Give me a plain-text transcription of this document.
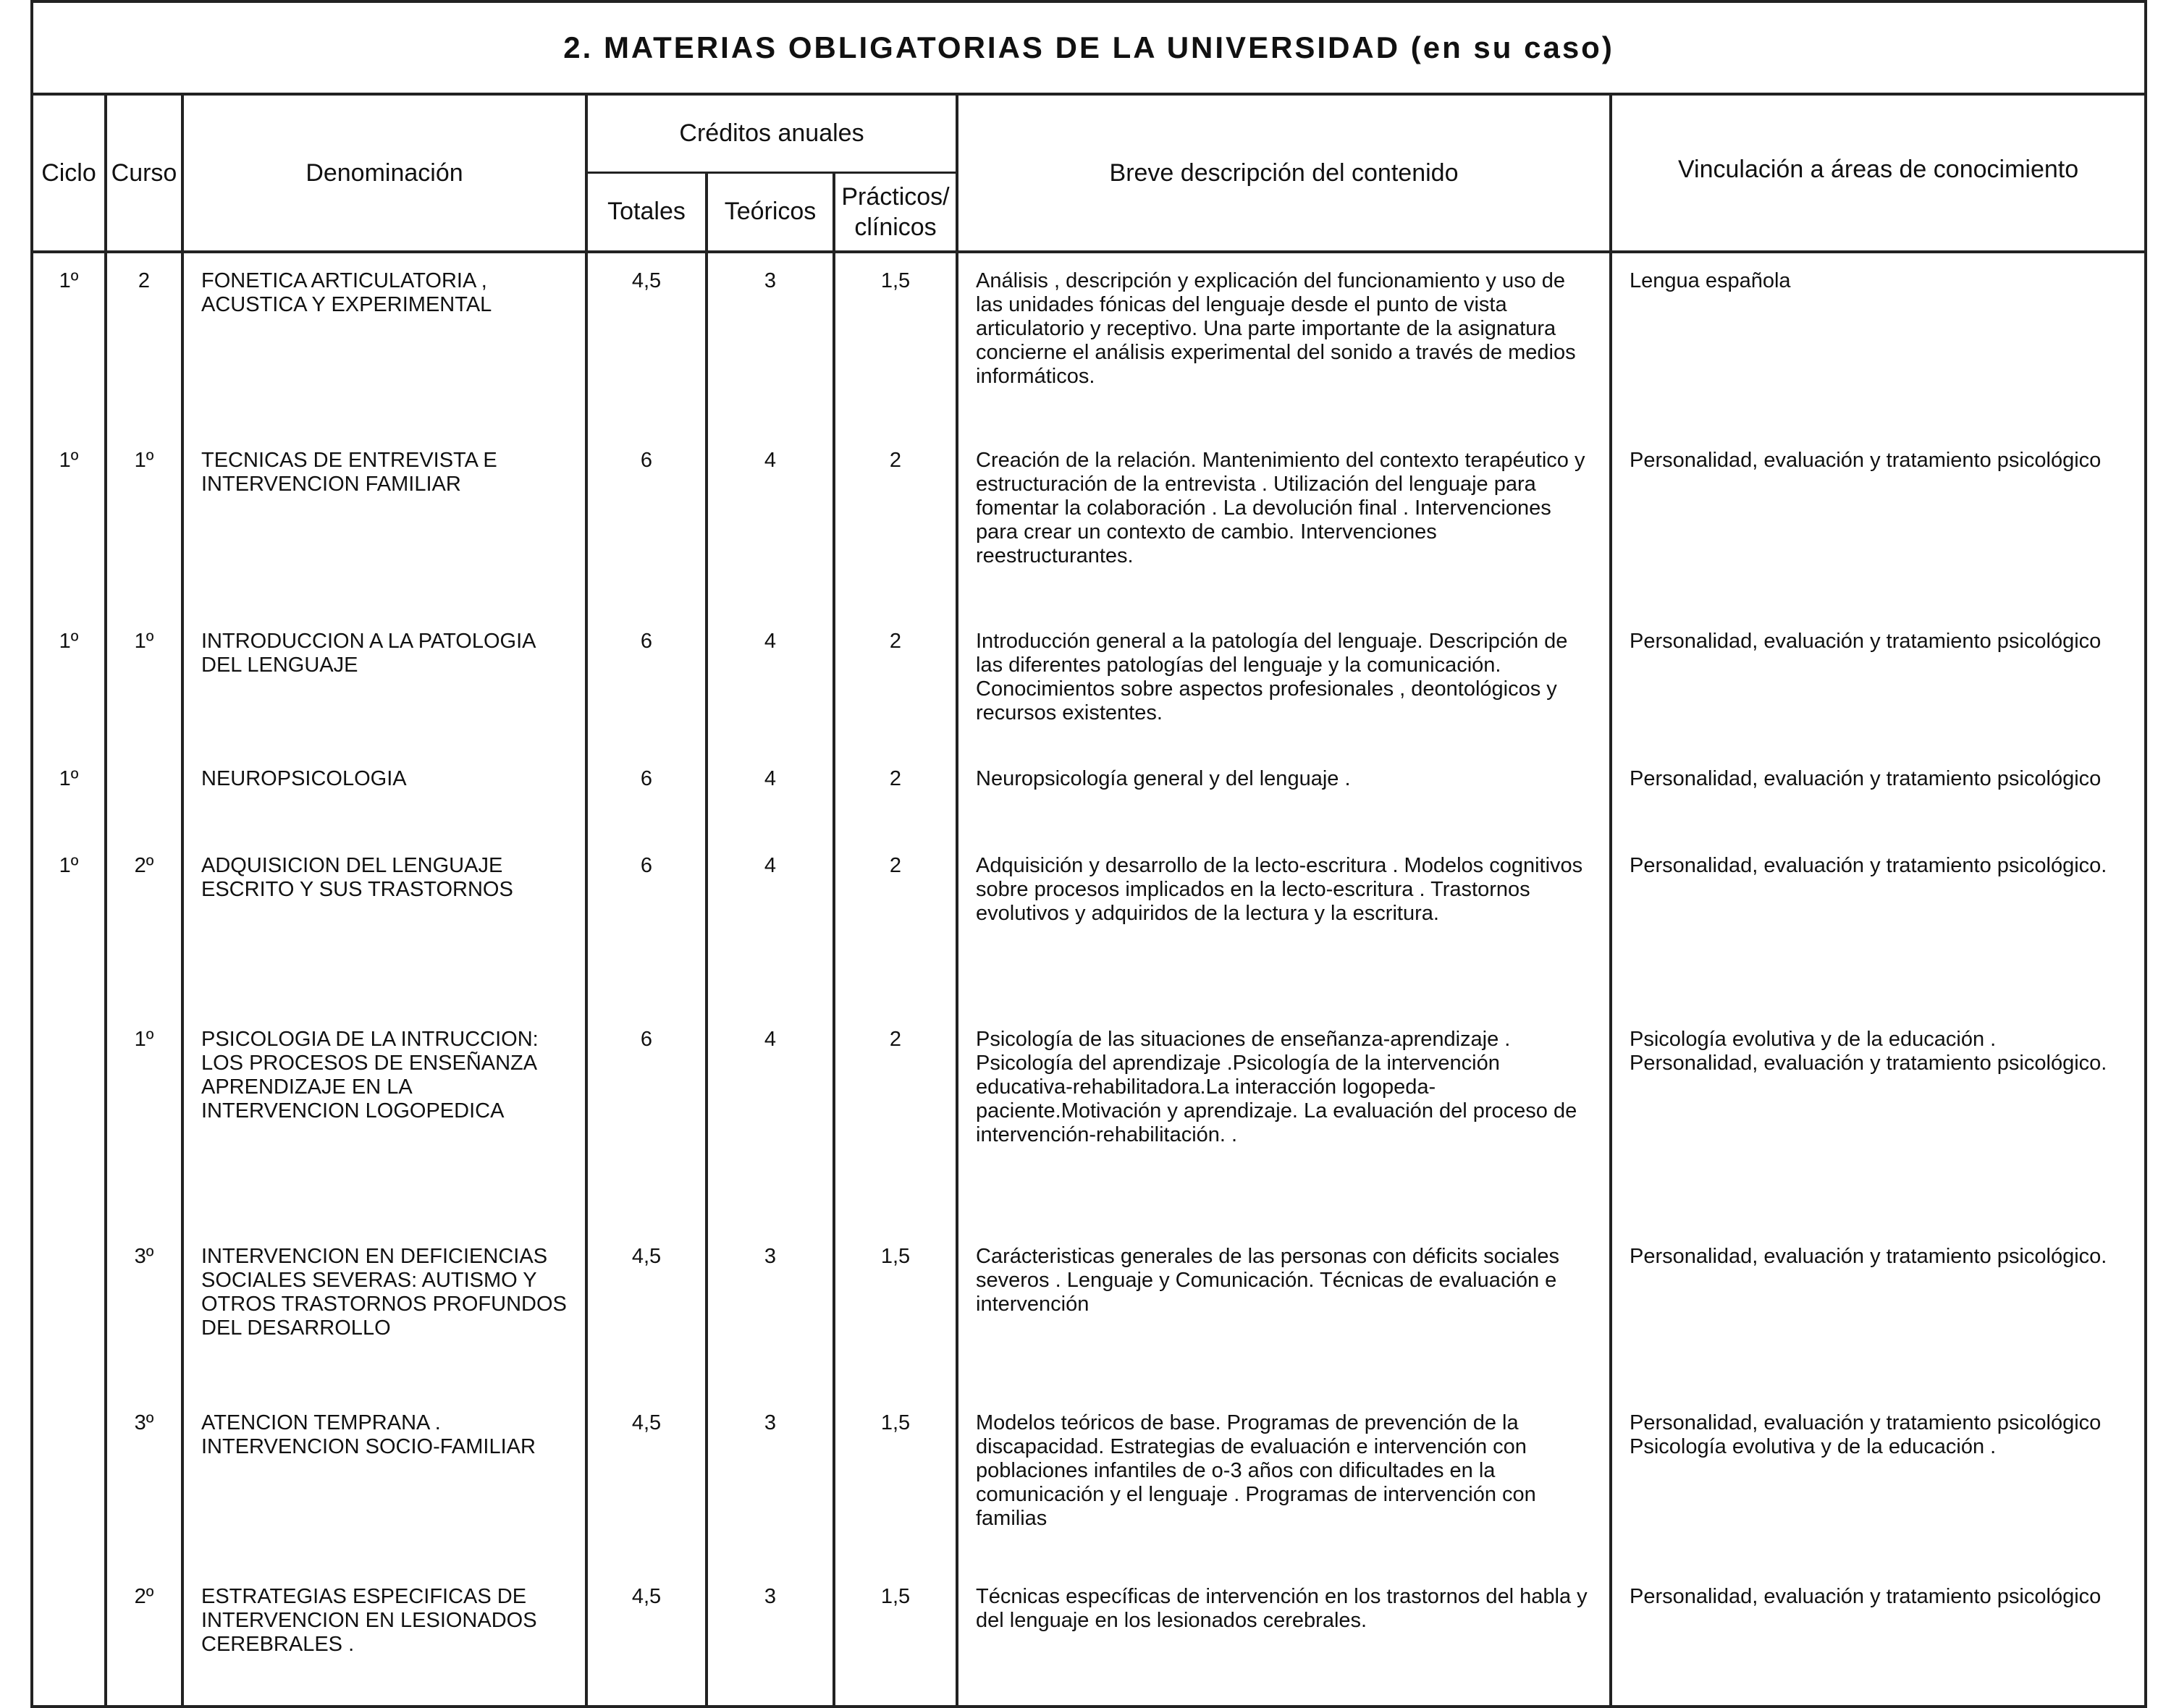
2. MATERIAS OBLIGATORIAS DE LA UNIVERSIDAD (en su caso)							
Ciclo	Curso	Denominación	Créditos anuales			Breve descripción del contenido	Vinculación a áreas de conocimiento
			Totales	Teóricos	Prácticos/ clínicos		
1º	2	FONETICA ARTICULATORIA , ACUSTICA Y EXPERIMENTAL	4,5	3	1,5	Análisis , descripción y explicación del funcionamiento y uso de las unidades fónicas del lenguaje desde el punto de vista articulatorio y receptivo. Una parte importante de la asignatura concierne el análisis experimental del sonido a través de medios informáticos.	Lengua española
1º	1º	TECNICAS DE ENTREVISTA E INTERVENCION FAMILIAR	6	4	2	Creación de la relación. Mantenimiento del contexto terapéutico y estructuración de la entrevista . Utilización del lenguaje para fomentar la colaboración . La devolución final . Intervenciones para crear un contexto de cambio. Intervenciones reestructurantes.	Personalidad, evaluación y tratamiento psicológico
1º	1º	INTRODUCCION A LA PATOLOGIA DEL LENGUAJE	6	4	2	Introducción general a la patología del lenguaje. Descripción de las diferentes patologías del lenguaje y la comunicación. Conocimientos sobre aspectos profesionales , deontológicos y recursos existentes.	Personalidad, evaluación y tratamiento psicológico
1º		NEUROPSICOLOGIA	6	4	2	Neuropsicología general y del lenguaje .	Personalidad, evaluación y tratamiento psicológico
1º	2º	ADQUISICION DEL LENGUAJE ESCRITO Y SUS TRASTORNOS	6	4	2	Adquisición y desarrollo de la lecto-escritura . Modelos cognitivos sobre procesos implicados en la lecto-escritura . Trastornos evolutivos y adquiridos de la lectura y la escritura.	Personalidad, evaluación y tratamiento psicológico.
	1º	PSICOLOGIA DE LA INTRUCCION: LOS PROCESOS DE ENSEÑANZA APRENDIZAJE EN LA INTERVENCION LOGOPEDICA	6	4	2	Psicología de las situaciones de enseñanza-aprendizaje . Psicología del aprendizaje .Psicología de la intervención educativa-rehabilitadora.La interacción logopeda-paciente.Motivación y aprendizaje. La evaluación del proceso de intervención-rehabilitación. .	Psicología evolutiva y de la educación . Personalidad, evaluación y tratamiento psicológico.
	3º	INTERVENCION EN DEFICIENCIAS SOCIALES SEVERAS: AUTISMO Y OTROS TRASTORNOS PROFUNDOS DEL DESARROLLO	4,5	3	1,5	Carácteristicas generales de las personas con déficits sociales severos . Lenguaje y Comunicación. Técnicas de evaluación e intervención	Personalidad, evaluación y tratamiento psicológico.
	3º	ATENCION TEMPRANA . INTERVENCION SOCIO-FAMILIAR	4,5	3	1,5	Modelos teóricos de base. Programas de prevención de la discapacidad. Estrategias de evaluación e intervención con poblaciones infantiles de o-3 años con dificultades en la comunicación y el lenguaje . Programas de intervención con familias	Personalidad, evaluación y tratamiento psicológico Psicología evolutiva y de la educación .
	2º	ESTRATEGIAS ESPECIFICAS DE INTERVENCION EN LESIONADOS CEREBRALES .	4,5	3	1,5	Técnicas específicas de intervención en los trastornos del habla y del lenguaje en los lesionados cerebrales.	Personalidad, evaluación y tratamiento psicológico
